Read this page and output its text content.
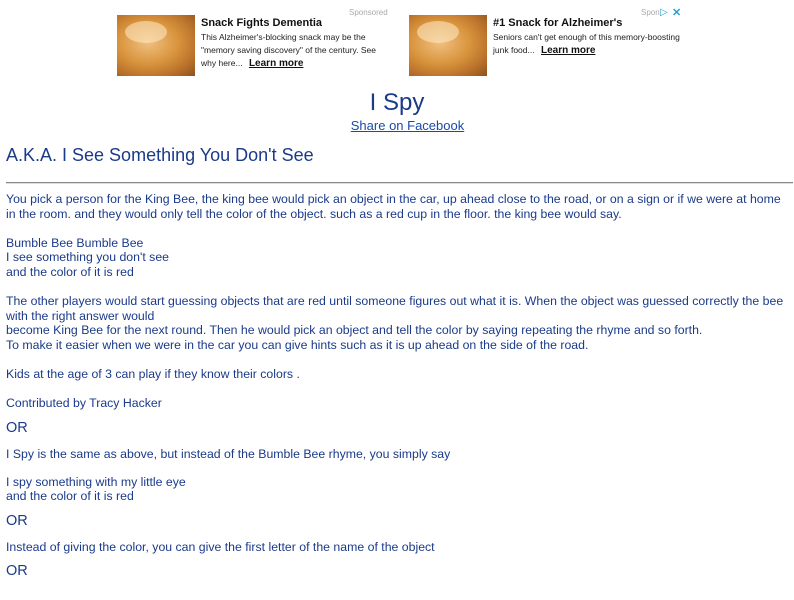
Sponsored
Snack Fights Dementia
This Alzheimer's-blocking snack may be the "memory saving discovery" of the century. See why here... Learn more
Spon ▷ ✕
#1 Snack for Alzheimer's
Seniors can't get enough of this memory-boosting junk food... Learn more
I Spy
Share on Facebook
A.K.A. I See Something You Don't See

You pick a person for the King Bee, the king bee would pick an object in the car, up ahead close to the road, or on a sign or if we were at home in the room. and they would only tell the color of the object. such as a red cup in the floor. the king bee would say.

Bumble Bee Bumble Bee

I see something you don't see

and the color of it is red

The other players would start guessing objects that are red until someone figures out what it is. When the object was guessed correctly the bee with the right answer would

become King Bee for the next round. Then he would pick an object and tell the color by saying repeating the rhyme and so forth.

To make it easier when we were in the car you can give hints such as it is up ahead on the side of the road.

Kids at the age of 3 can play if they know their colors .

Contributed by Tracy Hacker

OR

I Spy is the same as above, but instead of the Bumble Bee rhyme, you simply say

I spy something with my little eye

and the color of it is red

OR

Instead of giving the color, you can give the first letter of the name of the object

OR
